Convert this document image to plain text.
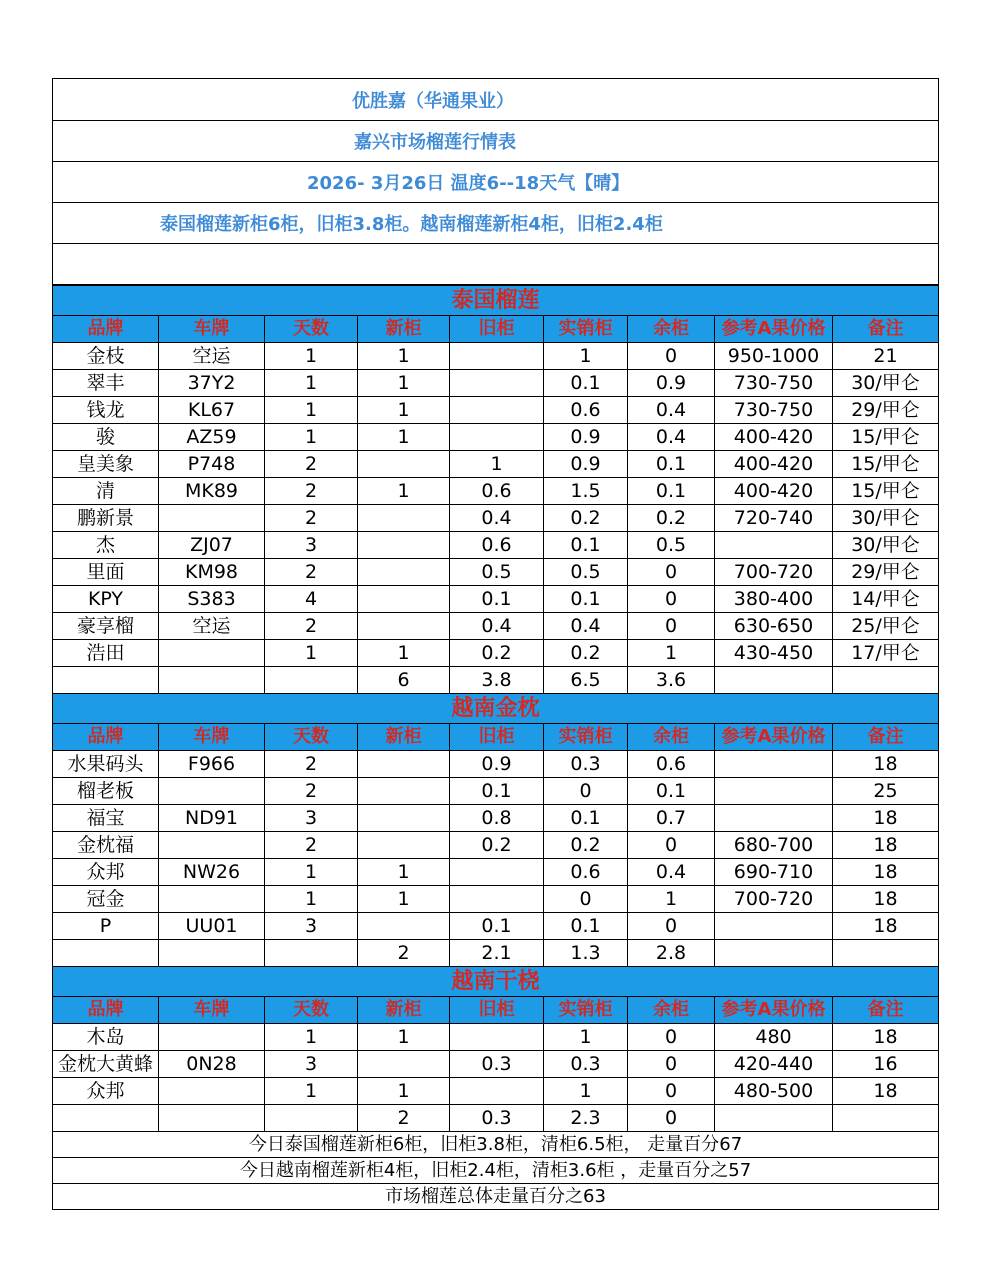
优胜嘉（华通果业）
嘉兴市场榴莲行情表
2026- 3月26日 温度6--18天气【晴】
泰国榴莲新柜6柜，旧柜3.8柜。越南榴莲新柜4柜，旧柜2.4柜
泰国榴莲								
品牌	车牌	天数	新柜	旧柜	实销柜	余柜	参考A果价格	备注
金枝	空运	1	1		1	0	950-1000	21
翠丰	37Y2	1	1		0.1	0.9	730-750	30/甲仑
钱龙	KL67	1	1		0.6	0.4	730-750	29/甲仑
骏	AZ59	1	1		0.9	0.4	400-420	15/甲仑
皇美象	P748	2		1	0.9	0.1	400-420	15/甲仑
清	MK89	2	1	0.6	1.5	0.1	400-420	15/甲仑
鹏新景		2		0.4	0.2	0.2	720-740	30/甲仑
杰	ZJ07	3		0.6	0.1	0.5		30/甲仑
里面	KM98	2		0.5	0.5	0	700-720	29/甲仑
KPY	S383	4		0.1	0.1	0	380-400	14/甲仑
豪享榴	空运	2		0.4	0.4	0	630-650	25/甲仑
浩田		1	1	0.2	0.2	1	430-450	17/甲仑
			6	3.8	6.5	3.6		
越南金枕								
品牌	车牌	天数	新柜	旧柜	实销柜	余柜	参考A果价格	备注
水果码头	F966	2		0.9	0.3	0.6		18
榴老板		2		0.1	0	0.1		25
福宝	ND91	3		0.8	0.1	0.7		18
金枕福		2		0.2	0.2	0	680-700	18
众邦	NW26	1	1		0.6	0.4	690-710	18
冠金		1	1		0	1	700-720	18
P	UU01	3		0.1	0.1	0		18
			2	2.1	1.3	2.8		
越南干桡								
品牌	车牌	天数	新柜	旧柜	实销柜	余柜	参考A果价格	备注
木岛		1	1		1	0	480	18
金枕大黄蜂	0N28	3		0.3	0.3	0	420-440	16
众邦		1	1		1	0	480-500	18
			2	0.3	2.3	0		
今日泰国榴莲新柜6柜，旧柜3.8柜，清柜6.5柜， 走量百分67								
今日越南榴莲新柜4柜，旧柜2.4柜，清柜3.6柜 ，走量百分之57								
市场榴莲总体走量百分之63								
